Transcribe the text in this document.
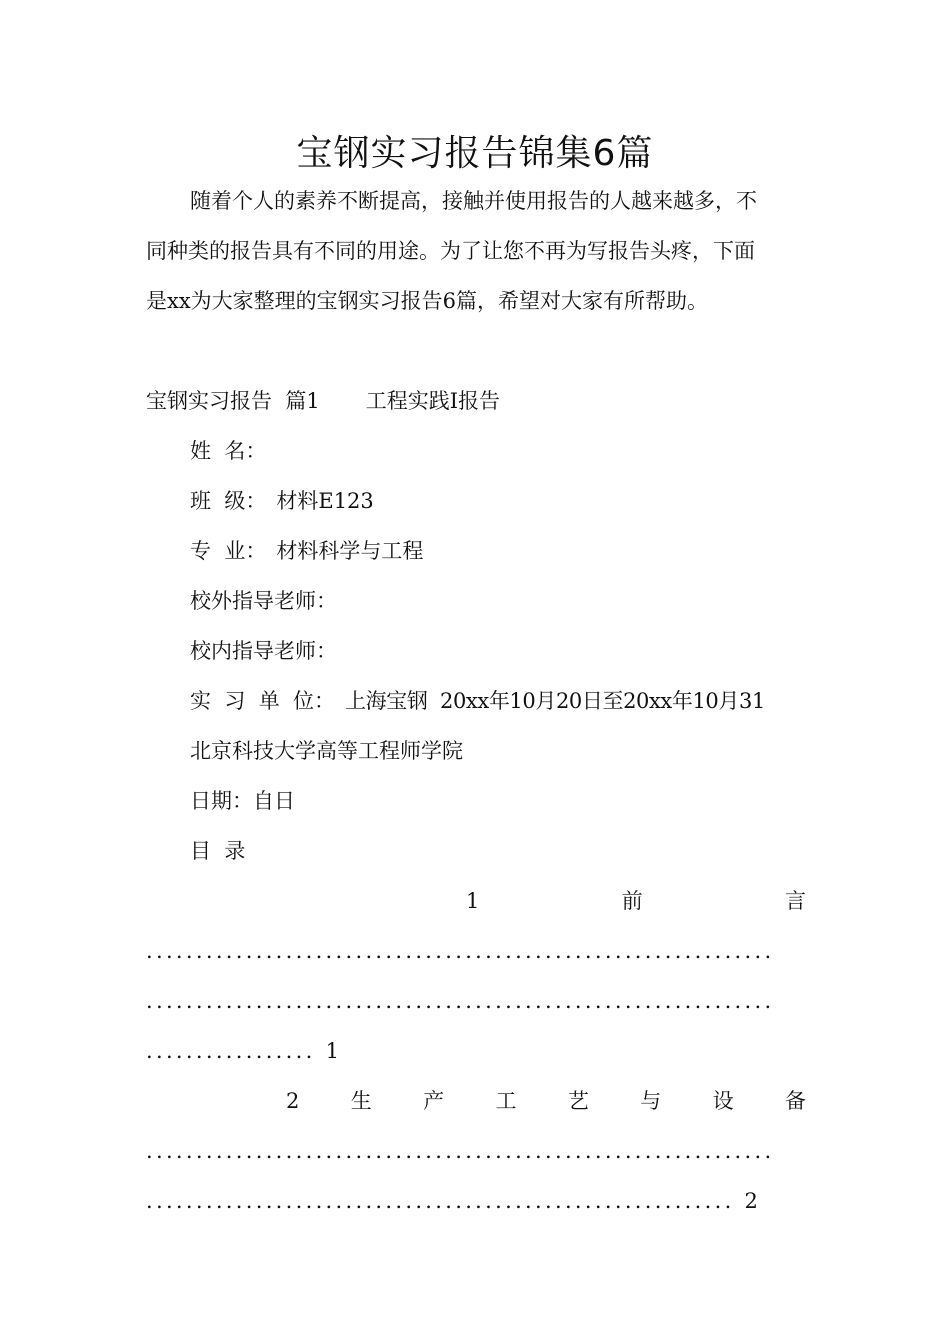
宝钢实习报告锦集6篇
随着个人的素养不断提高，接触并使用报告的人越来越多，不
同种类的报告具有不同的用途。为了让您不再为写报告头疼，下面
是xx为大家整理的宝钢实习报告6篇，希望对大家有所帮助。
宝钢实习报告  篇1 工程实践Ⅰ报告
姓  名：
班  级： 材料E123
专  业： 材料科学与工程
校外指导老师：
校内指导老师：
实  习  单  位： 上海宝钢  20xx年10月20日至20xx年10月31
北京科技大学高等工程师学院
日期：自日
目  录
1	前	言
...............................................................
...............................................................
................. 1
2 生 产 工 艺 与 设 备
...............................................................
........................................................... 2
